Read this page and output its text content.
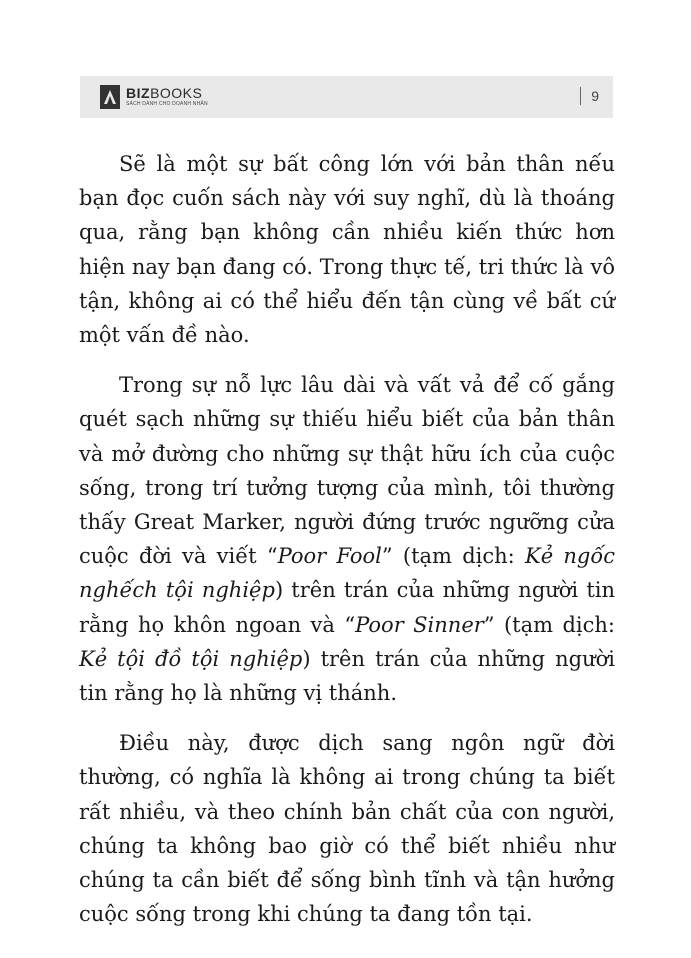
BIZBOOKS
SÁCH DÀNH CHO DOANH NHÂN	9

Sẽ là một sự bất công lớn với bản thân nếu bạn đọc cuốn sách này với suy nghĩ, dù là thoáng qua, rằng bạn không cần nhiều kiến thức hơn hiện nay bạn đang có. Trong thực tế, tri thức là vô tận, không ai có thể hiểu đến tận cùng về bất cứ một vấn đề nào.

Trong sự nỗ lực lâu dài và vất vả để cố gắng quét sạch những sự thiếu hiểu biết của bản thân và mở đường cho những sự thật hữu ích của cuộc sống, trong trí tưởng tượng của mình, tôi thường thấy Great Marker, người đứng trước ngưỡng cửa cuộc đời và viết “Poor Fool” (tạm dịch: Kẻ ngốc nghếch tội nghiệp) trên trán của những người tin rằng họ khôn ngoan và “Poor Sinner” (tạm dịch: Kẻ tội đồ tội nghiệp) trên trán của những người tin rằng họ là những vị thánh.

Điều này, được dịch sang ngôn ngữ đời thường, có nghĩa là không ai trong chúng ta biết rất nhiều, và theo chính bản chất của con người, chúng ta không bao giờ có thể biết nhiều như chúng ta cần biết để sống bình tĩnh và tận hưởng cuộc sống trong khi chúng ta đang tồn tại.
